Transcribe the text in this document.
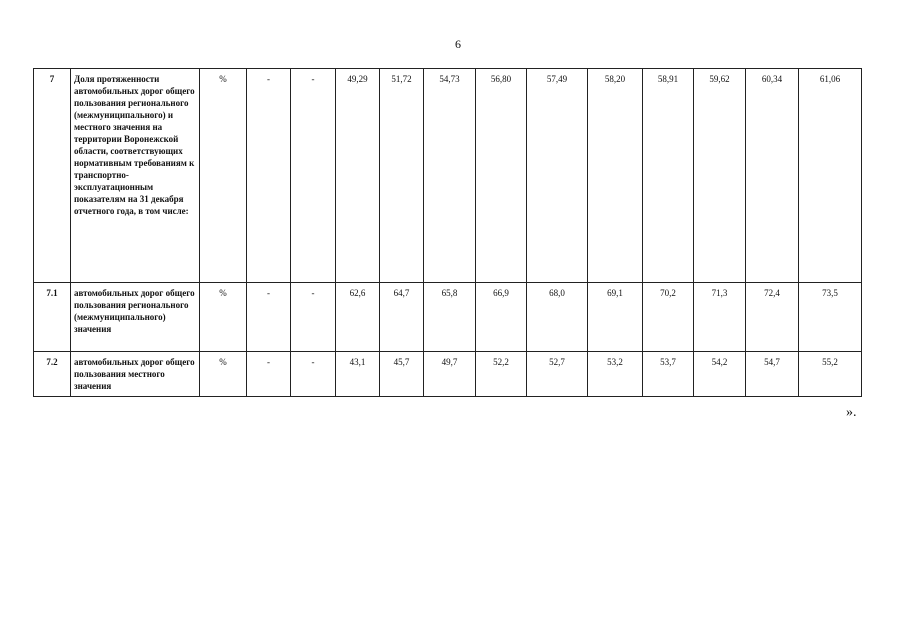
6
7	Доля протяженности автомобильных дорог общего пользования регионального (межмуниципального) и местного значения на территории Воронежской области, соответствующих нормативным требованиям к транспортно-эксплуатационным показателям на 31 декабря отчетного года, в том числе:	%	-	-	49,29	51,72	54,73	56,80	57,49	58,20	58,91	59,62	60,34	61,06
7.1	автомобильных дорог общего пользования регионального (межмуниципального) значения	%	-	-	62,6	64,7	65,8	66,9	68,0	69,1	70,2	71,3	72,4	73,5
7.2	автомобильных дорог общего пользования местного значения	%	-	-	43,1	45,7	49,7	52,2	52,7	53,2	53,7	54,2	54,7	55,2
».
